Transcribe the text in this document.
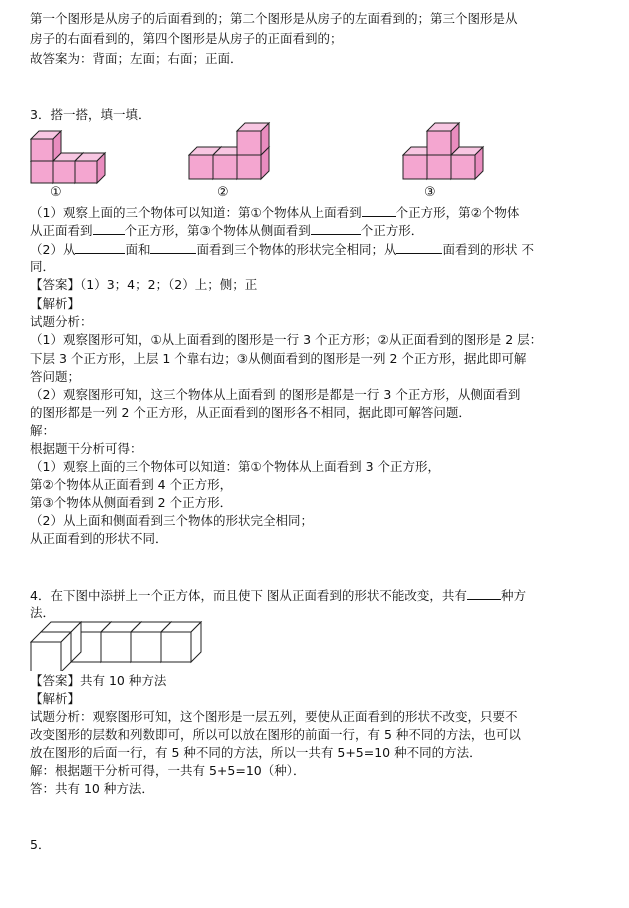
第一个图形是从房子的后面看到的；第二个图形是从房子的左面看到的；第三个图形是从
房子的右面看到的，第四个图形是从房子的正面看到的；
故答案为：背面；左面；右面；正面．
3．搭一搭，填一填．
①	②	③
（1）观察上面的三个物体可以知道：第①个物体从上面看到	个正方形，第②个物体
从正面看到	个正方形，第③个物体从侧面看到	个正方形．
（2）从	面和	面看到三个物体的形状完全相同；从	面看到的形状 不
同．
【答案】（1）3；4；2；（2）上；侧；正
【解析】
试题分析：
（1）观察图形可知，①从上面看到的图形是一行 3 个正方形；②从正面看到的图形是 2 层：
下层 3 个正方形，上层 1 个靠右边；③从侧面看到的图形是一列 2 个正方形，据此即可解
答问题；
（2）观察图形可知，这三个物体从上面看到 的图形是都是一行 3 个正方形，从侧面看到
的图形都是一列 2 个正方形，从正面看到的图形各不相同，据此即可解答问题．
解：
根据题干分析可得：
（1）观察上面的三个物体可以知道：第①个物体从上面看到 3 个正方形，
第②个物体从正面看到 4 个正方形，
第③个物体从侧面看到 2 个正方形．
（2）从上面和侧面看到三个物体的形状完全相同；
从正面看到的形状不同．
4．在下图中添拼上一个正方体，而且使下 图从正面看到的形状不能改变，共有	种方
法．
【答案】共有 10 种方法
【解析】
试题分析：观察图形可知，这个图形是一层五列，要使从正面看到的形状不改变，只要不
改变图形的层数和列数即可，所以可以放在图形的前面一行，有 5 种不同的方法，也可以
放在图形的后面一行，有 5 种不同的方法，所以一共有 5+5=10 种不同的方法．
解：根据题干分析可得，一共有 5+5=10（种）．
答：共有 10 种方法．
5．
